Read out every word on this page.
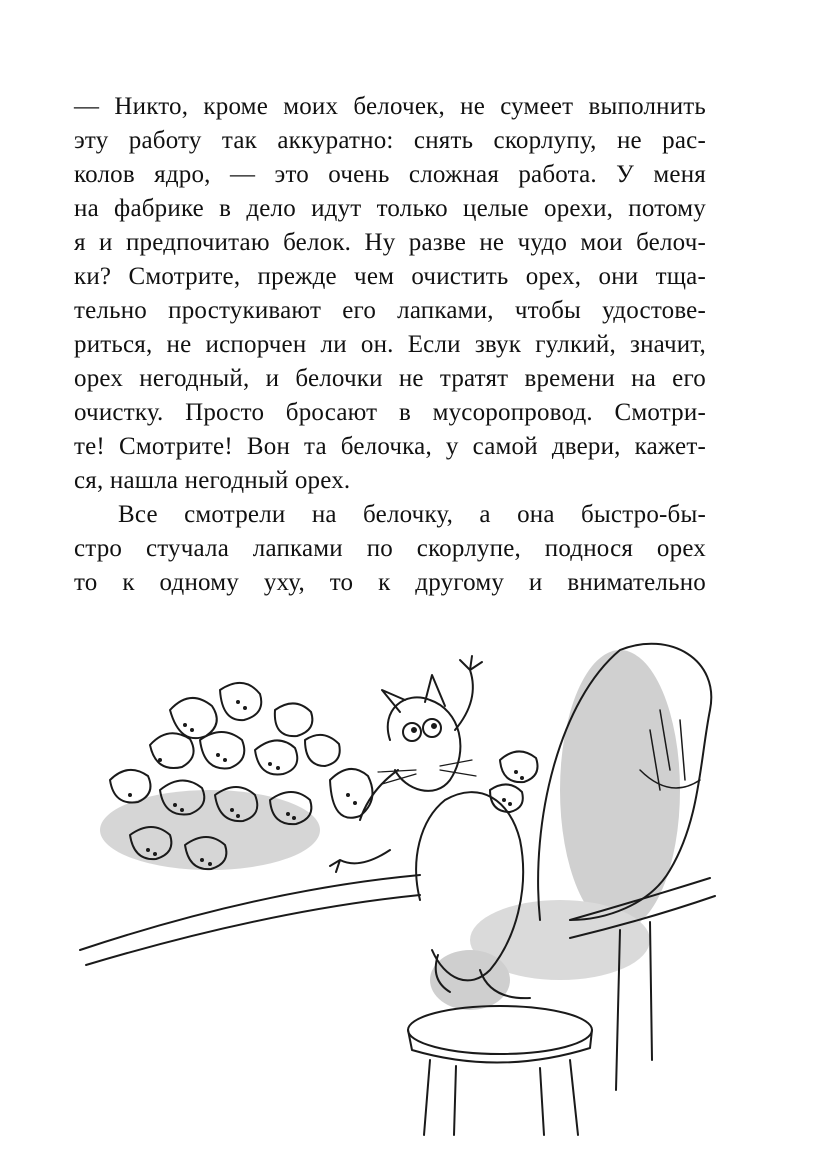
— Никто, кроме моих белочек, не сумеет выполнить
эту работу так аккуратно: снять скорлупу, не рас-
колов ядро, — это очень сложная работа. У меня
на фабрике в дело идут только целые орехи, потому
я и предпочитаю белок. Ну разве не чудо мои белоч-
ки? Смотрите, прежде чем очистить орех, они тща-
тельно простукивают его лапками, чтобы удостове-
риться, не испорчен ли он. Если звук гулкий, значит,
орех негодный, и белочки не тратят времени на его
очистку. Просто бросают в мусоропровод. Смотри-
те! Смотрите! Вон та белочка, у самой двери, кажет-
ся, нашла негодный орех.
Все смотрели на белочку, а она быстро-бы-
стро стучала лапками по скорлупе, поднося орех
то к одному уху, то к другому и внимательно
